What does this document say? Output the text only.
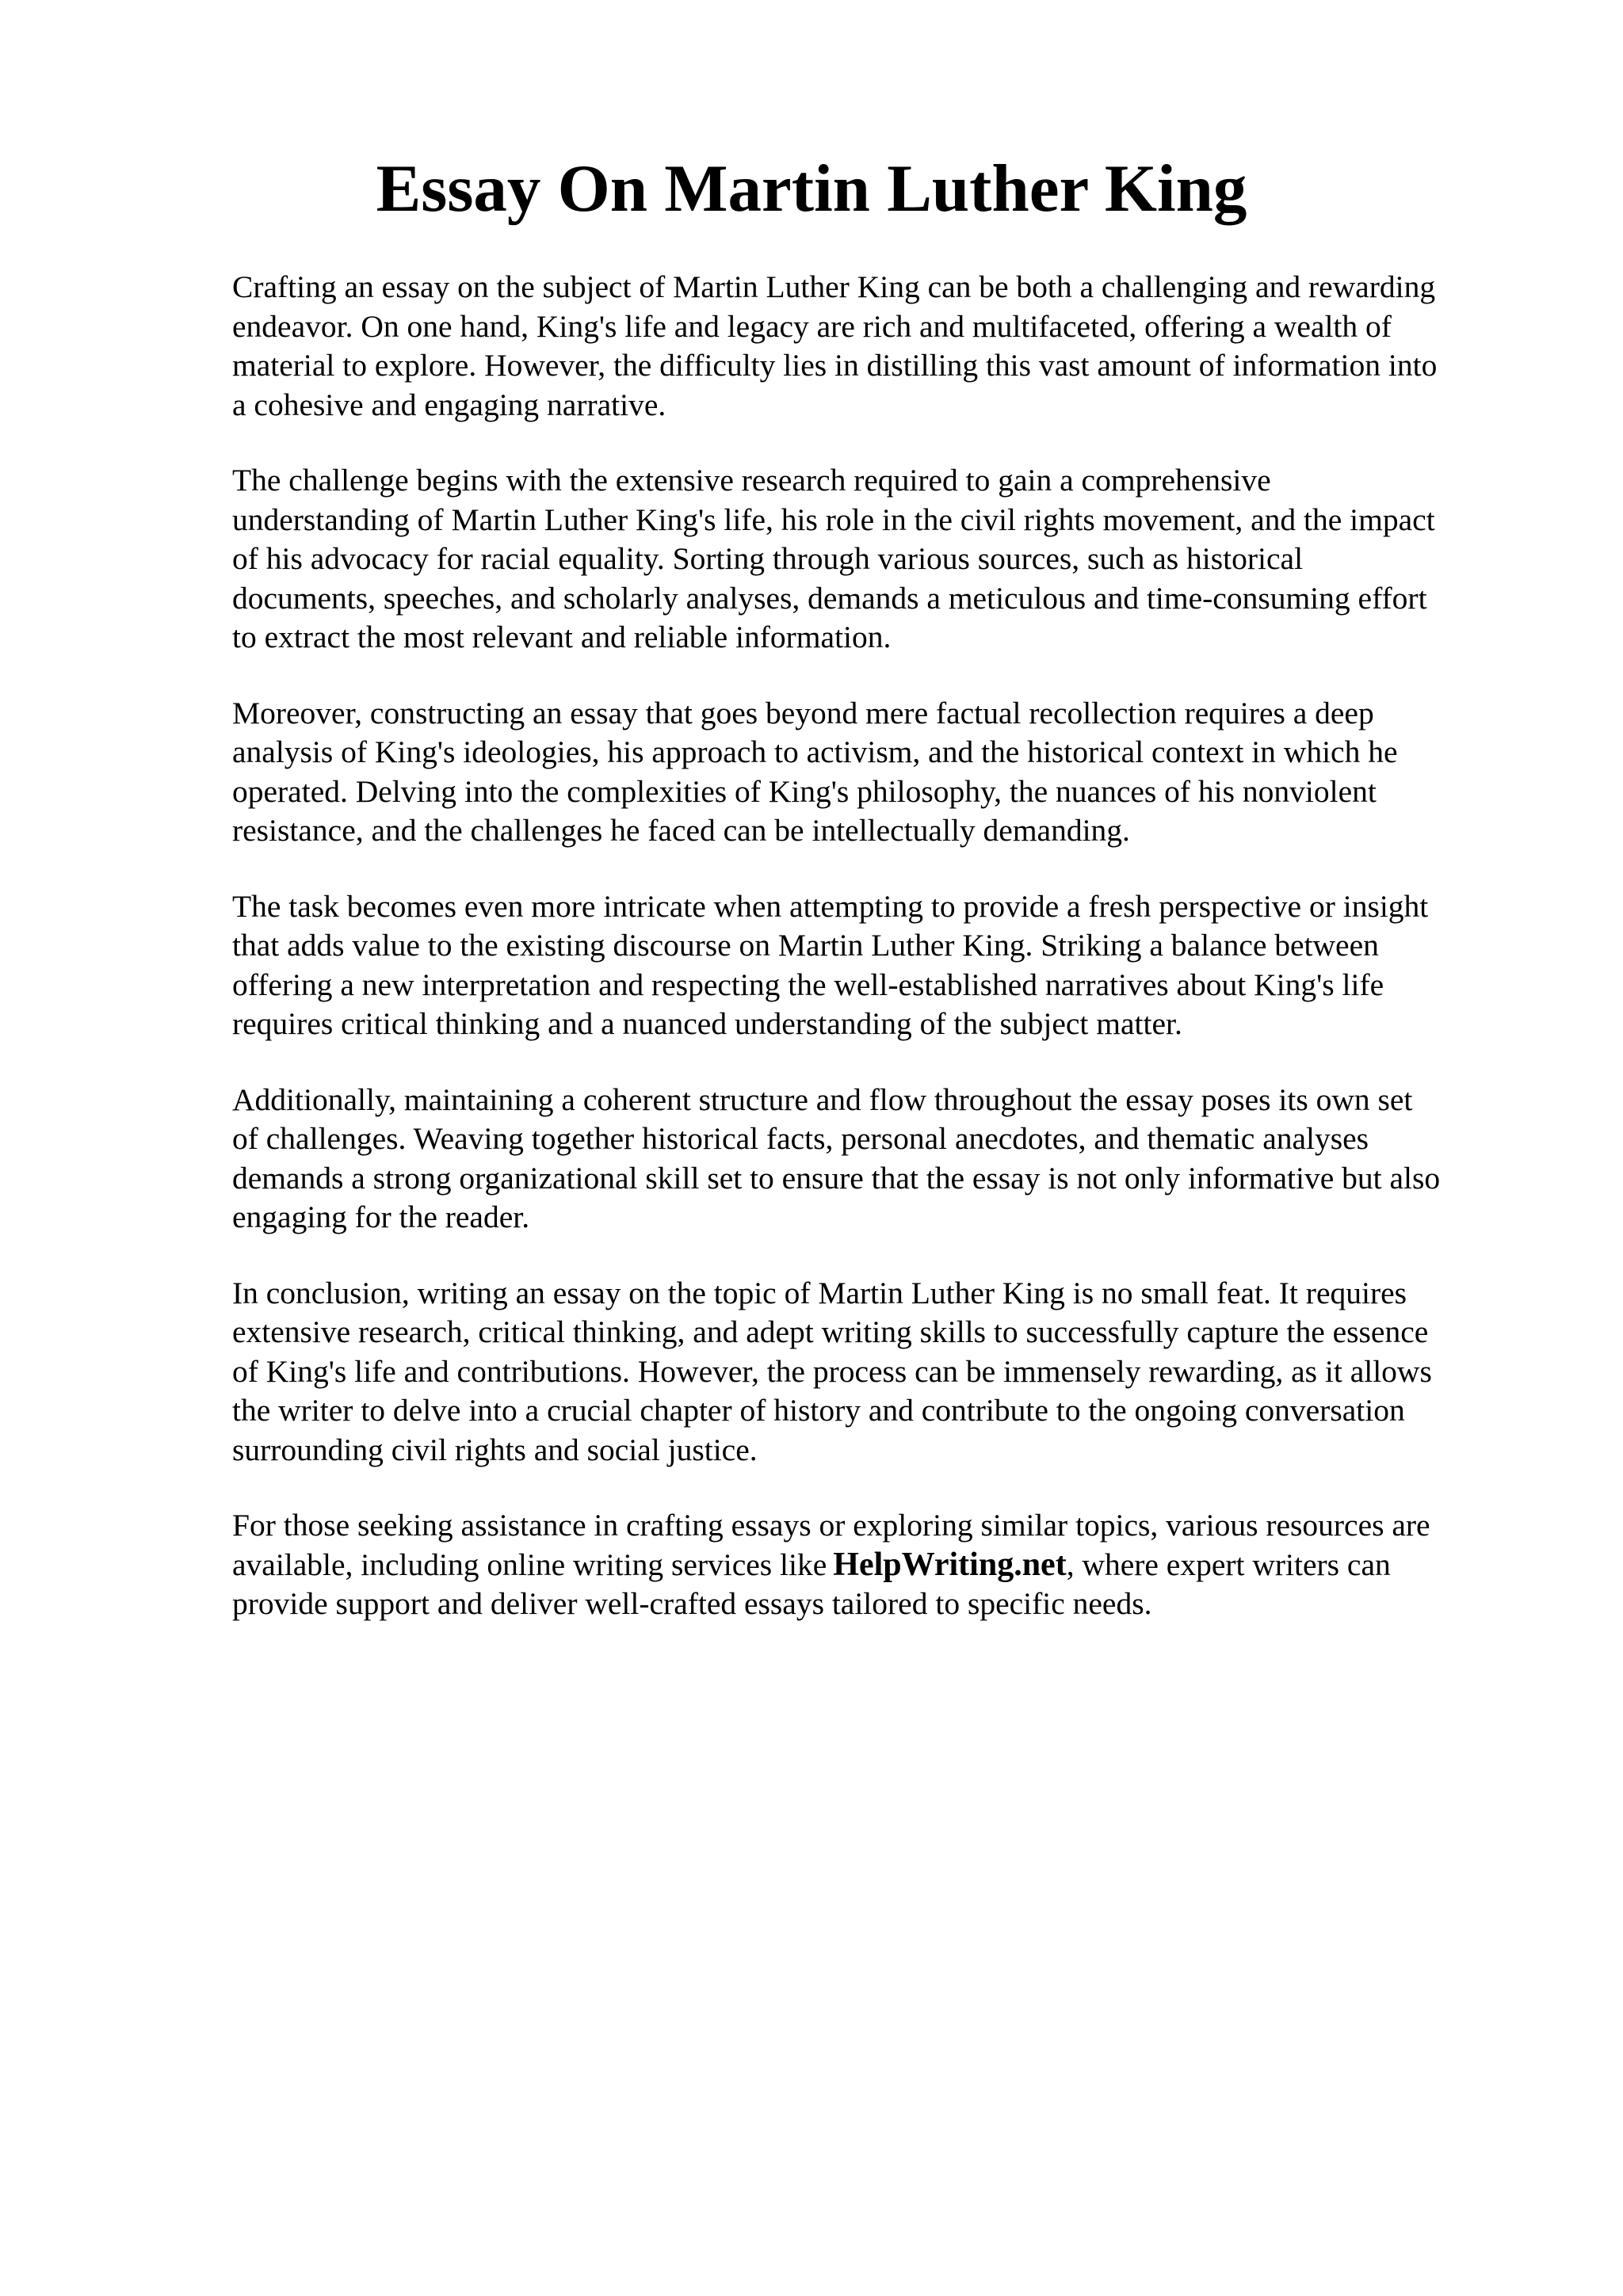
Essay On Martin Luther King

Crafting an essay on the subject of Martin Luther King can be both a challenging and rewarding
endeavor. On one hand, King's life and legacy are rich and multifaceted, offering a wealth of
material to explore. However, the difficulty lies in distilling this vast amount of information into
a cohesive and engaging narrative.

The challenge begins with the extensive research required to gain a comprehensive
understanding of Martin Luther King's life, his role in the civil rights movement, and the impact
of his advocacy for racial equality. Sorting through various sources, such as historical
documents, speeches, and scholarly analyses, demands a meticulous and time-consuming effort
to extract the most relevant and reliable information.

Moreover, constructing an essay that goes beyond mere factual recollection requires a deep
analysis of King's ideologies, his approach to activism, and the historical context in which he
operated. Delving into the complexities of King's philosophy, the nuances of his nonviolent
resistance, and the challenges he faced can be intellectually demanding.

The task becomes even more intricate when attempting to provide a fresh perspective or insight
that adds value to the existing discourse on Martin Luther King. Striking a balance between
offering a new interpretation and respecting the well-established narratives about King's life
requires critical thinking and a nuanced understanding of the subject matter.

Additionally, maintaining a coherent structure and flow throughout the essay poses its own set
of challenges. Weaving together historical facts, personal anecdotes, and thematic analyses
demands a strong organizational skill set to ensure that the essay is not only informative but also
engaging for the reader.

In conclusion, writing an essay on the topic of Martin Luther King is no small feat. It requires
extensive research, critical thinking, and adept writing skills to successfully capture the essence
of King's life and contributions. However, the process can be immensely rewarding, as it allows
the writer to delve into a crucial chapter of history and contribute to the ongoing conversation
surrounding civil rights and social justice.

For those seeking assistance in crafting essays or exploring similar topics, various resources are
available, including online writing services like HelpWriting.net, where expert writers can
provide support and deliver well-crafted essays tailored to specific needs.
